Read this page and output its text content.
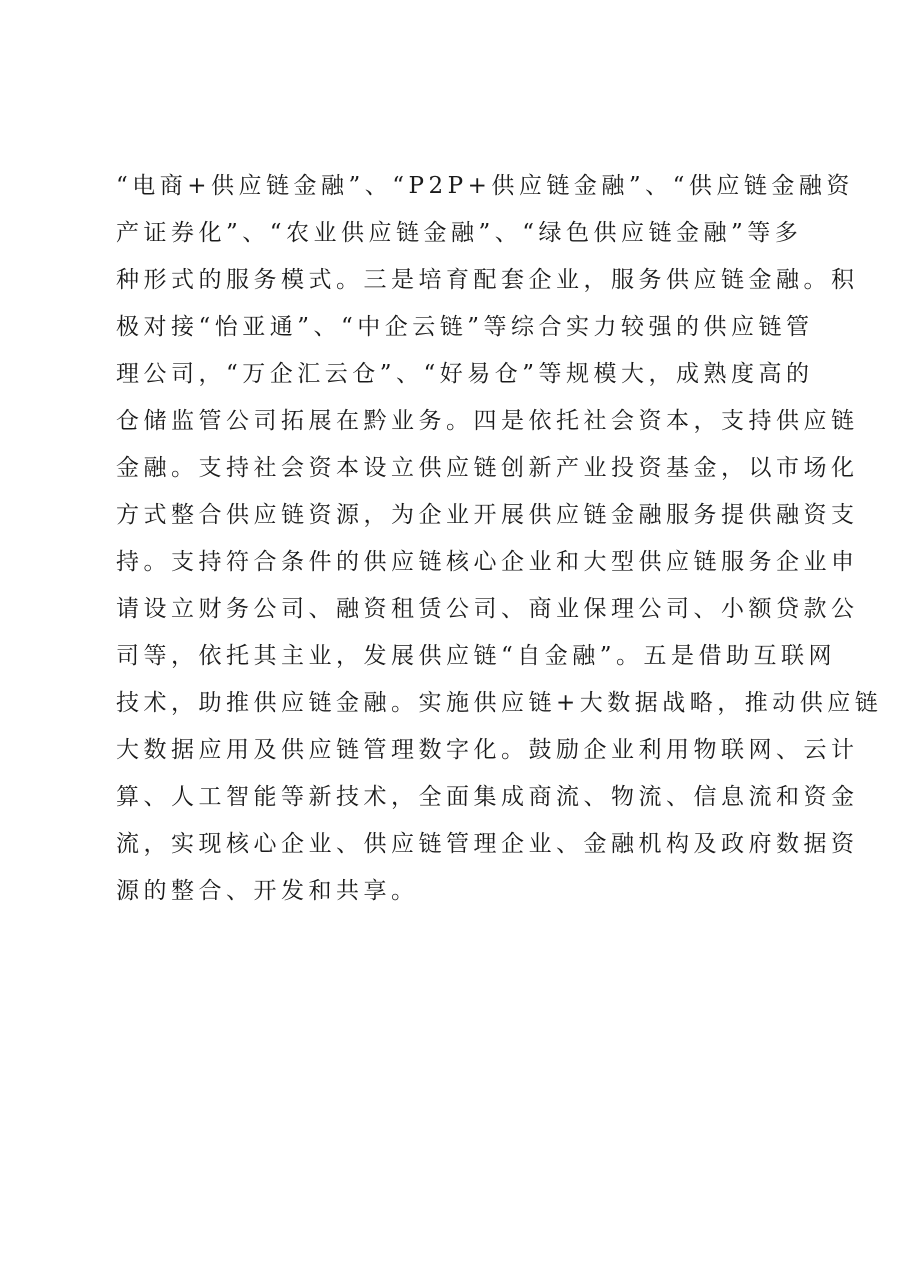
“电商+供应链金融”、“P2P+供应链金融”、“供应链金融资
产证券化”、“农业供应链金融”、“绿色供应链金融”等多
种形式的服务模式。三是培育配套企业，服务供应链金融。积
极对接“怡亚通”、“中企云链”等综合实力较强的供应链管
理公司，“万企汇云仓”、“好易仓”等规模大，成熟度高的
仓储监管公司拓展在黔业务。四是依托社会资本，支持供应链
金融。支持社会资本设立供应链创新产业投资基金，以市场化
方式整合供应链资源，为企业开展供应链金融服务提供融资支
持。支持符合条件的供应链核心企业和大型供应链服务企业申
请设立财务公司、融资租赁公司、商业保理公司、小额贷款公
司等，依托其主业，发展供应链“自金融”。五是借助互联网
技术，助推供应链金融。实施供应链+大数据战略，推动供应链
大数据应用及供应链管理数字化。鼓励企业利用物联网、云计
算、人工智能等新技术，全面集成商流、物流、信息流和资金
流，实现核心企业、供应链管理企业、金融机构及政府数据资
源的整合、开发和共享。
